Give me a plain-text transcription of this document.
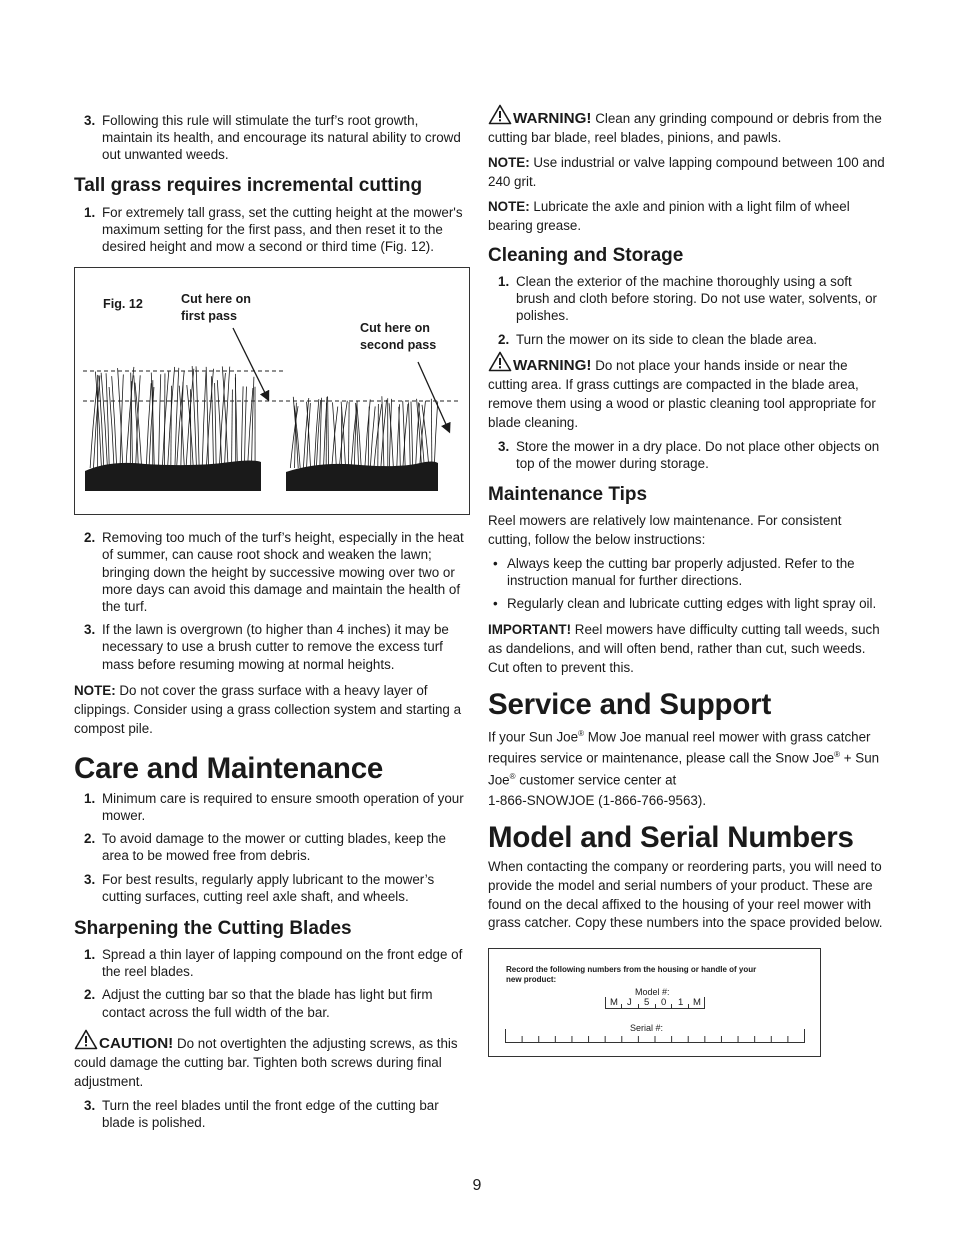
3. Following this rule will stimulate the turf’s root growth, maintain its health, and encourage its natural ability to crowd out unwanted weeds.
Tall grass requires incremental cutting
1. For extremely tall grass, set the cutting height at the mower's maximum setting for the first pass, and then reset it to the desired height and mow a second or third time (Fig. 12).
Fig. 12	Cut here on
first pass
Cut here on
second pass
2. Removing too much of the turf’s height, especially in the heat of summer, can cause root shock and weaken the lawn; bringing down the height by successive mowing over two or more days can avoid this damage and maintain the health of the turf.
3. If the lawn is overgrown (to higher than 4 inches) it may be necessary to use a brush cutter to remove the excess turf mass before resuming mowing at normal heights.

NOTE: Do not cover the grass surface with a heavy layer of clippings. Consider using a grass collection system and starting a compost pile.

Care and Maintenance
1. Minimum care is required to ensure smooth operation of your mower.
2. To avoid damage to the mower or cutting blades, keep the area to be mowed free from debris.
3. For best results, regularly apply lubricant to the mower’s cutting surfaces, cutting reel axle shaft, and wheels.
Sharpening the Cutting Blades
1. Spread a thin layer of lapping compound on the front edge of the reel blades.
2. Adjust the cutting bar so that the blade has light but firm contact across the full width of the bar.

CAUTION! Do not overtighten the adjusting screws, as this could damage the cutting bar. Tighten both screws during final adjustment.

3. Turn the reel blades until the front edge of the cutting bar blade is polished.

WARNING! Clean any grinding compound or debris from the cutting bar blade, reel blades, pinions, and pawls.

NOTE: Use industrial or valve lapping compound between 100 and 240 grit.

NOTE: Lubricate the axle and pinion with a light film of wheel bearing grease.

Cleaning and Storage
1. Clean the exterior of the machine thoroughly using a soft brush and cloth before storing. Do not use water, solvents, or polishes.
2. Turn the mower on its side to clean the blade area.

WARNING! Do not place your hands inside or near the cutting area. If grass cuttings are compacted in the blade area, remove them using a wood or plastic cleaning tool appropriate for blade cleaning.

3. Store the mower in a dry place. Do not place other objects on top of the mower during storage.
Maintenance Tips

Reel mowers are relatively low maintenance. For consistent cutting, follow the below instructions:

• Always keep the cutting bar properly adjusted. Refer to the instruction manual for further directions.
• Regularly clean and lubricate cutting edges with light spray oil.

IMPORTANT! Reel mowers have difficulty cutting tall weeds, such as dandelions, and will often bend, rather than cut, such weeds. Cut often to prevent this.

Service and Support

If your Sun Joe® Mow Joe manual reel mower with grass catcher requires service or maintenance, please call the Snow Joe® + Sun Joe® customer service center at

1-866-SNOWJOE (1-866-766-9563).

Model and Serial Numbers

When contacting the company or reordering parts, you will need to provide the model and serial numbers of your product. These are found on the decal affixed to the housing of your reel mower with grass catcher. Copy these numbers into the space provided below.

Record the following numbers from the housing or handle of your
new product:
Model #:
M J 5 0 1 M
Serial #:
9
